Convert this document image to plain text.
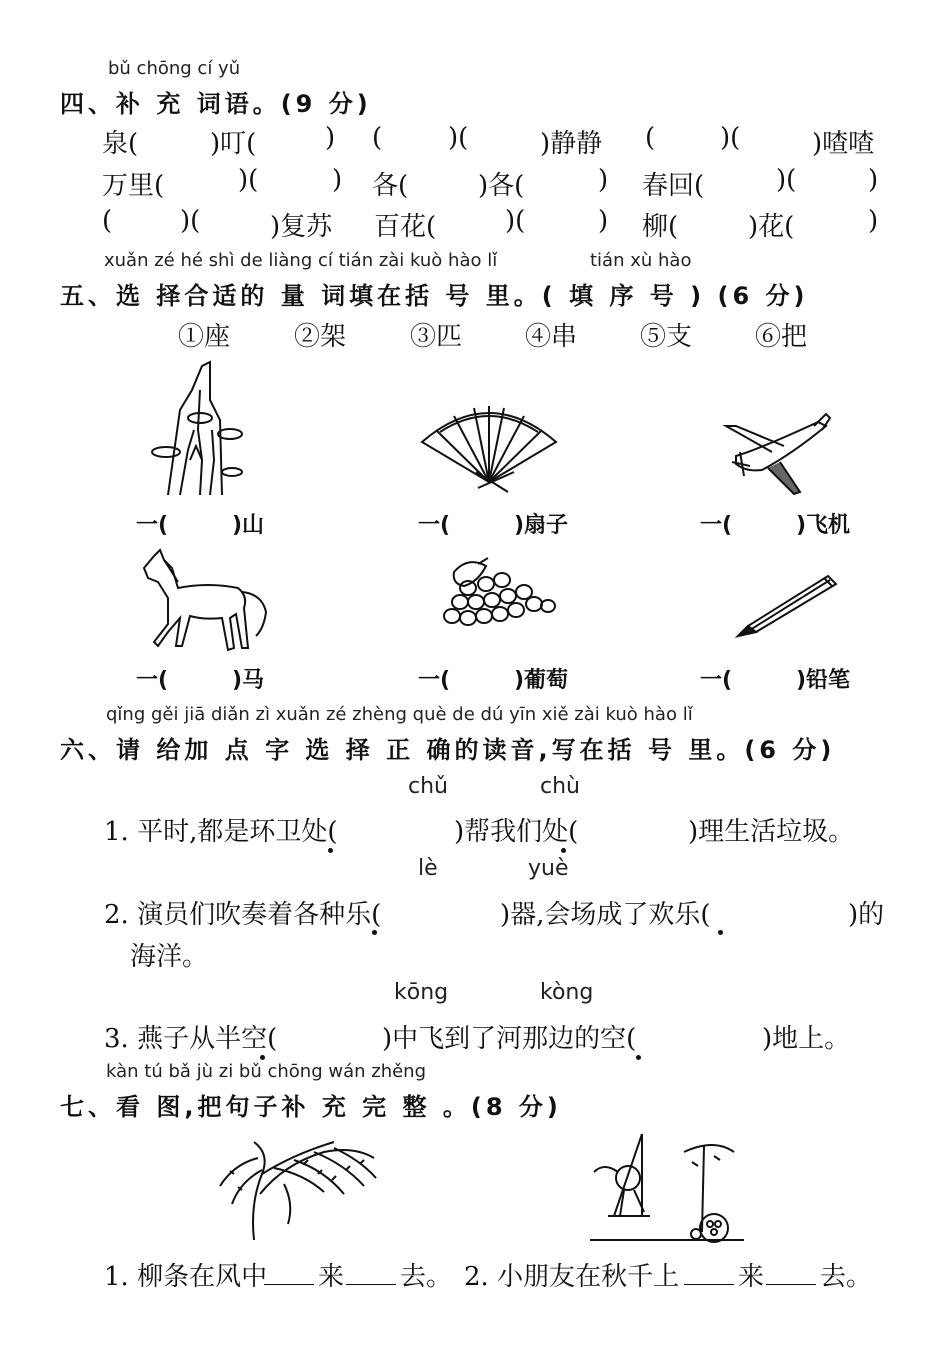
bǔ chōng cí yǔ
四、补 充 词语。(9 分)
泉(	)叮(	) (	)(	)静静 ( )(	)喳喳
万里(	)(	) 各(	)各(	) 春回(	)(	)
(	)(	)复苏 百花(	)(	) 柳(	)花(	)
xuǎn zé hé shì de liàng cí tián zài kuò hào lǐ	tián xù hào
五、选 择合适的 量 词填在括 号 里。( 填 序 号 ) (6 分)
①座 ②架 ③匹 ④串 ⑤支 ⑥把
一(	)山	一(	)扇子	一(	)飞机
一(	)马	一(	)葡萄	一(	)铅笔
qǐng gěi jiā diǎn zì xuǎn zé zhèng què de dú yīn xiě zài kuò hào lǐ
六、请 给加 点 字 选 择 正 确的读音,写在括 号 里。(6 分)
chǔ	chù
1. 平时,都是环卫处(	)帮我们处(	)理生活垃圾。
lè	yuè
2. 演员们吹奏着各种乐(	)器,会场成了欢乐(	)的
海洋。
kōng	kòng
3. 燕子从半空(	)中飞到了河那边的空(	)地上。
kàn tú bǎ jù zi bǔ chōng wán zhěng
七、看 图,把句子补 充 完 整 。(8 分)
1. 柳条在风中 来 去。 2. 小朋友在秋千上 来 去。
